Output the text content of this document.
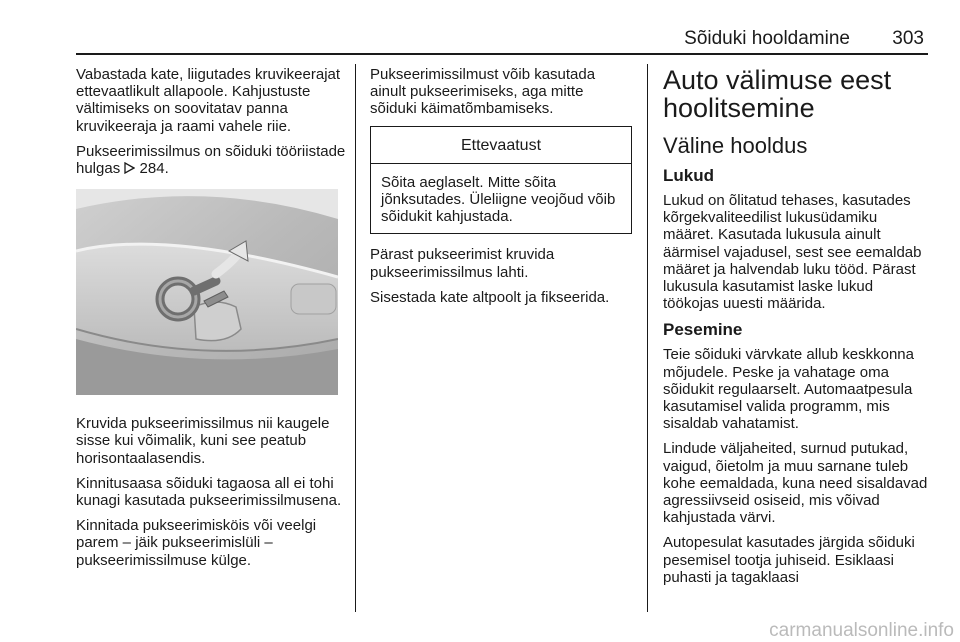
Sõiduki hooldamine 303

Vabastada kate, liigutades kruvikeerajat ettevaatlikult allapoole. Kahjustuste vältimiseks on soovitatav panna kruvikeeraja ja raami vahele riie.

Pukseerimissilmus on sõiduki tööriistade hulgas 284.

Kruvida pukseerimissilmus nii kaugele sisse kui võimalik, kuni see peatub horisontaalasendis.

Kinnitusaasa sõiduki tagaosa all ei tohi kunagi kasutada pukseerimissilmusena.

Kinnitada pukseerimisköis või veelgi parem – jäik pukseerimislüli – pukseerimissilmuse külge.

Pukseerimissilmust võib kasutada ainult pukseerimiseks, aga mitte sõiduki käimatõmbamiseks.

Ettevaatust
Sõita aeglaselt. Mitte sõita jõnksutades. Üleliigne veojõud võib sõidukit kahjustada.

Pärast pukseerimist kruvida pukseerimissilmus lahti.

Sisestada kate altpoolt ja fikseerida.

Auto välimuse eest hoolitsemine
Väline hooldus
Lukud

Lukud on õlitatud tehases, kasutades kõrgekvaliteedilist lukusüdamiku määret. Kasutada lukusula ainult äärmisel vajadusel, sest see eemaldab määret ja halvendab luku tööd. Pärast lukusula kasutamist laske lukud töökojas uuesti määrida.

Pesemine

Teie sõiduki värvkate allub keskkonna mõjudele. Peske ja vahatage oma sõidukit regulaarselt. Automaatpesula kasutamisel valida programm, mis sisaldab vahatamist.

Lindude väljaheited, surnud putukad, vaigud, õietolm ja muu sarnane tuleb kohe eemaldada, kuna need sisaldavad agressiivseid osiseid, mis võivad kahjustada värvi.

Autopesulat kasutades järgida sõiduki pesemisel tootja juhiseid. Esiklaasi puhasti ja tagaklaasi

carmanualsonline.info
